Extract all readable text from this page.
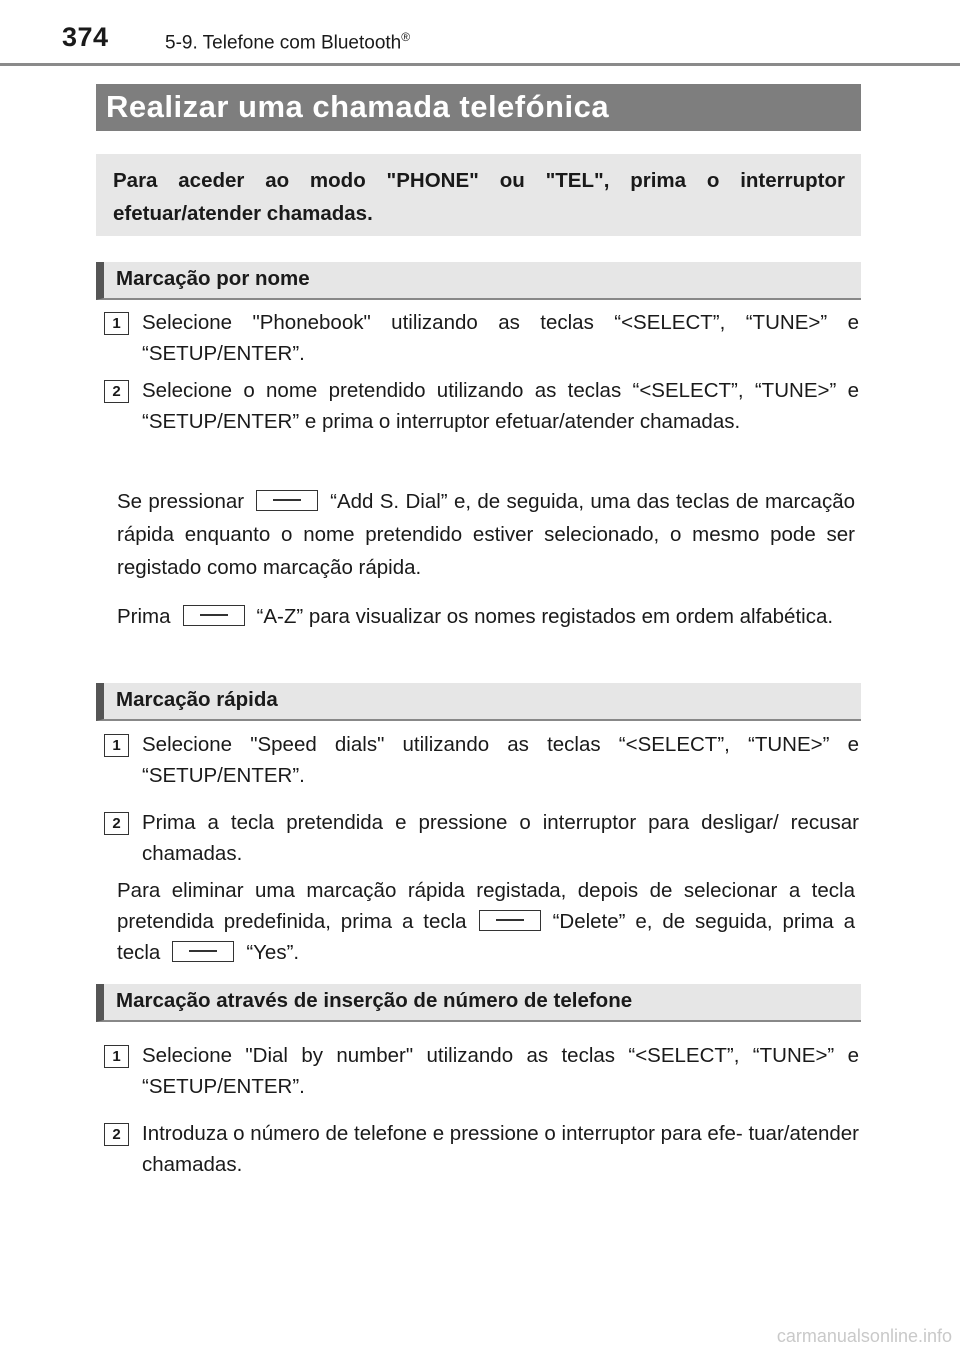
374	5-9. Telefone com Bluetooth®
Realizar uma chamada telefónica

Para aceder ao modo "PHONE" ou "TEL", prima o interruptor efetuar/atender chamadas.

Marcação por nome
1	Selecione "Phonebook" utilizando as teclas “<SELECT”, “TUNE>” e “SETUP/ENTER”.
2	Selecione o nome pretendido utilizando as teclas “<SELECT”, “TUNE>” e “SETUP/ENTER” e prima o interruptor efetuar/atender chamadas.
Se pressionar	“Add S. Dial” e, de seguida, uma das teclas de marcação rápida enquanto o nome pretendido estiver selecionado, o mesmo pode ser registado como marcação rápida.
Prima	“A-Z” para visualizar os nomes registados em ordem alfabética.
Marcação rápida
1	Selecione "Speed dials" utilizando as teclas “<SELECT”, “TUNE>” e “SETUP/ENTER”.
2	Prima a tecla pretendida e pressione o interruptor para desligar/ recusar chamadas.
Para eliminar uma marcação rápida registada, depois de selecionar a tecla pretendida predefinida, prima a tecla	“Delete” e, de seguida, prima a tecla	“Yes”.
Marcação através de inserção de número de telefone
1	Selecione "Dial by number" utilizando as teclas “<SELECT”, “TUNE>” e “SETUP/ENTER”.
2	Introduza o número de telefone e pressione o interruptor para efe- tuar/atender chamadas.
carmanualsonline.info
